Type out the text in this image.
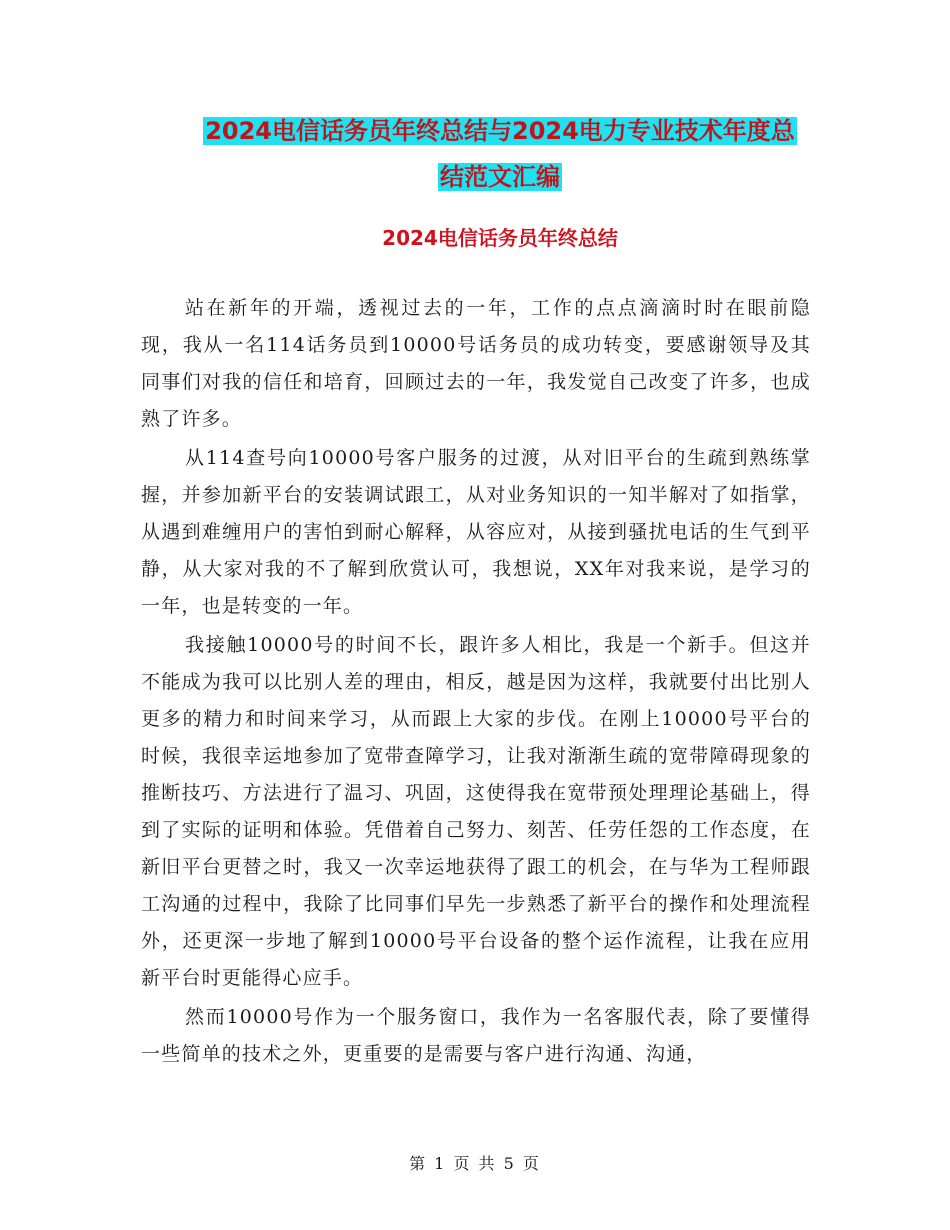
2024电信话务员年终总结与2024电力专业技术年度总
结范文汇编
2024电信话务员年终总结

站在新年的开端，透视过去的一年，工作的点点滴滴时时在眼前隐现，我从一名114话务员到10000号话务员的成功转变，要感谢领导及其同事们对我的信任和培育，回顾过去的一年，我发觉自己改变了许多，也成熟了许多。

从114查号向10000号客户服务的过渡，从对旧平台的生疏到熟练掌握，并参加新平台的安装调试跟工，从对业务知识的一知半解对了如指掌，从遇到难缠用户的害怕到耐心解释，从容应对，从接到骚扰电话的生气到平静，从大家对我的不了解到欣赏认可，我想说，XX年对我来说，是学习的一年，也是转变的一年。

我接触10000号的时间不长，跟许多人相比，我是一个新手。但这并不能成为我可以比别人差的理由，相反，越是因为这样，我就要付出比别人更多的精力和时间来学习，从而跟上大家的步伐。在刚上10000号平台的时候，我很幸运地参加了宽带查障学习，让我对渐渐生疏的宽带障碍现象的推断技巧、方法进行了温习、巩固，这使得我在宽带预处理理论基础上，得到了实际的证明和体验。凭借着自己努力、刻苦、任劳任怨的工作态度，在新旧平台更替之时，我又一次幸运地获得了跟工的机会，在与华为工程师跟工沟通的过程中，我除了比同事们早先一步熟悉了新平台的操作和处理流程外，还更深一步地了解到10000号平台设备的整个运作流程，让我在应用新平台时更能得心应手。

然而10000号作为一个服务窗口，我作为一名客服代表，除了要懂得一些简单的技术之外，更重要的是需要与客户进行沟通、沟通，

第 1 页 共 5 页
